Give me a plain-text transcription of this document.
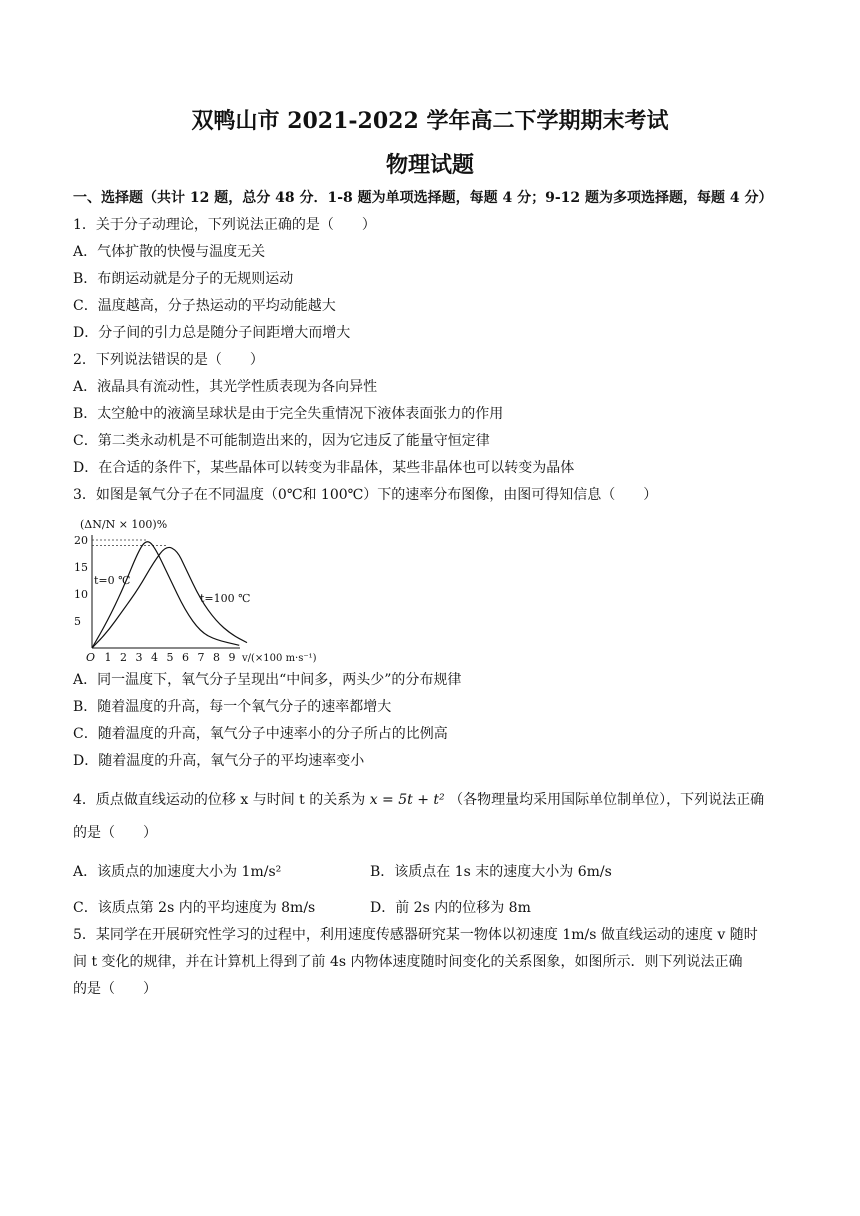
双鸭山市 2021-2022 学年高二下学期期末考试
物理试题
一、选择题（共计 12 题，总分 48 分．1-8 题为单项选择题，每题 4 分；9-12 题为多项选择题，每题 4 分）
1．关于分子动理论，下列说法正确的是（　　）
A．气体扩散的快慢与温度无关
B．布朗运动就是分子的无规则运动
C．温度越高，分子热运动的平均动能越大
D．分子间的引力总是随分子间距增大而增大
2．下列说法错误的是（　　）
A．液晶具有流动性，其光学性质表现为各向异性
B．太空舱中的液滴呈球状是由于完全失重情况下液体表面张力的作用
C．第二类永动机是不可能制造出来的，因为它违反了能量守恒定律
D．在合适的条件下，某些晶体可以转变为非晶体，某些非晶体也可以转变为晶体
3．如图是氧气分子在不同温度（0℃和 100℃）下的速率分布图像，由图可得知信息（　　）
(ΔN/N × 100)%
O	v/(×100 m·s⁻¹)
20
15
10
5
1 2 3 4 5 6 7 8 9
t=0 ℃
t=100 ℃
A．同一温度下，氧气分子呈现出“中间多，两头少”的分布规律
B．随着温度的升高，每一个氧气分子的速率都增大
C．随着温度的升高，氧气分子中速率小的分子所占的比例高
D．随着温度的升高，氧气分子的平均速率变小
4．质点做直线运动的位移 x 与时间 t 的关系为 x = 5t + t² （各物理量均采用国际单位制单位），下列说法正确
的是（　　）
A．该质点的加速度大小为 1m/s²	B．该质点在 1s 末的速度大小为 6m/s
C．该质点第 2s 内的平均速度为 8m/s	D．前 2s 内的位移为 8m
5．某同学在开展研究性学习的过程中，利用速度传感器研究某一物体以初速度 1m/s 做直线运动的速度 v 随时
间 t 变化的规律，并在计算机上得到了前 4s 内物体速度随时间变化的关系图象，如图所示．则下列说法正确
的是（　　）
